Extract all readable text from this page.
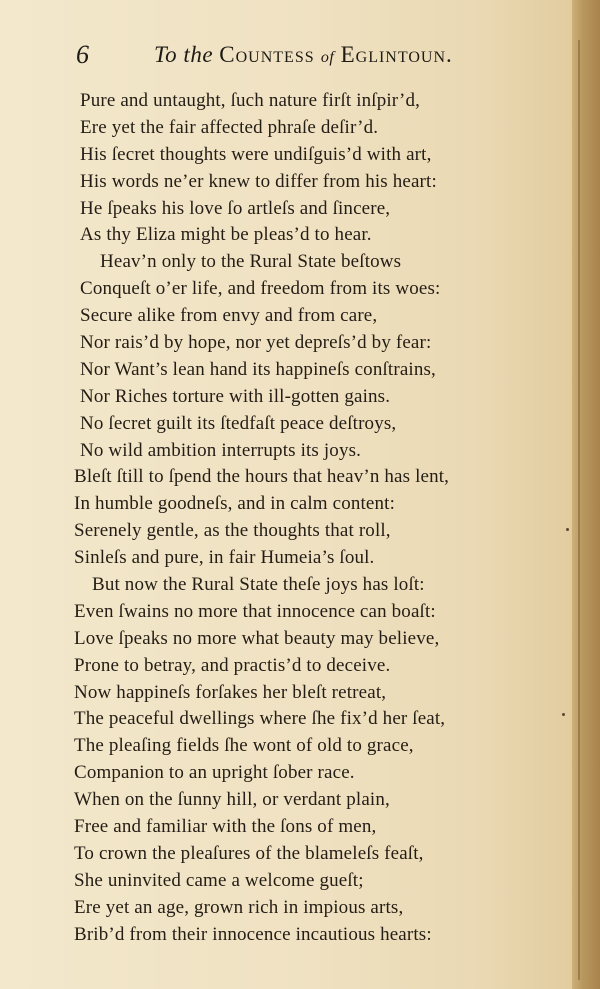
6	To the Countess of Eglintoun.
Pure and untaught, ſuch nature firſt inſpir’d,
Ere yet the fair affected phraſe deſir’d.
His ſecret thoughts were undiſguis’d with art,
His words ne’er knew to differ from his heart:
He ſpeaks his love ſo artleſs and ſincere,
As thy Eliza might be pleas’d to hear.
Heav’n only to the Rural State beſtows
Conqueſt o’er life, and freedom from its woes:
Secure alike from envy and from care,
Nor rais’d by hope, nor yet depreſs’d by fear:
Nor Want’s lean hand its happineſs conſtrains,
Nor Riches torture with ill-gotten gains.
No ſecret guilt its ſtedfaſt peace deſtroys,
No wild ambition interrupts its joys.
Bleſt ſtill to ſpend the hours that heav’n has lent,
In humble goodneſs, and in calm content:
Serenely gentle, as the thoughts that roll,
Sinleſs and pure, in fair Humeia’s ſoul.
But now the Rural State theſe joys has loſt:
Even ſwains no more that innocence can boaſt:
Love ſpeaks no more what beauty may believe,
Prone to betray, and practis’d to deceive.
Now happineſs forſakes her bleſt retreat,
The peaceful dwellings where ſhe fix’d her ſeat,
The pleaſing fields ſhe wont of old to grace,
Companion to an upright ſober race.
When on the ſunny hill, or verdant plain,
Free and familiar with the ſons of men,
To crown the pleaſures of the blameleſs feaſt,
She uninvited came a welcome gueſt;
Ere yet an age, grown rich in impious arts,
Brib’d from their innocence incautious hearts:
